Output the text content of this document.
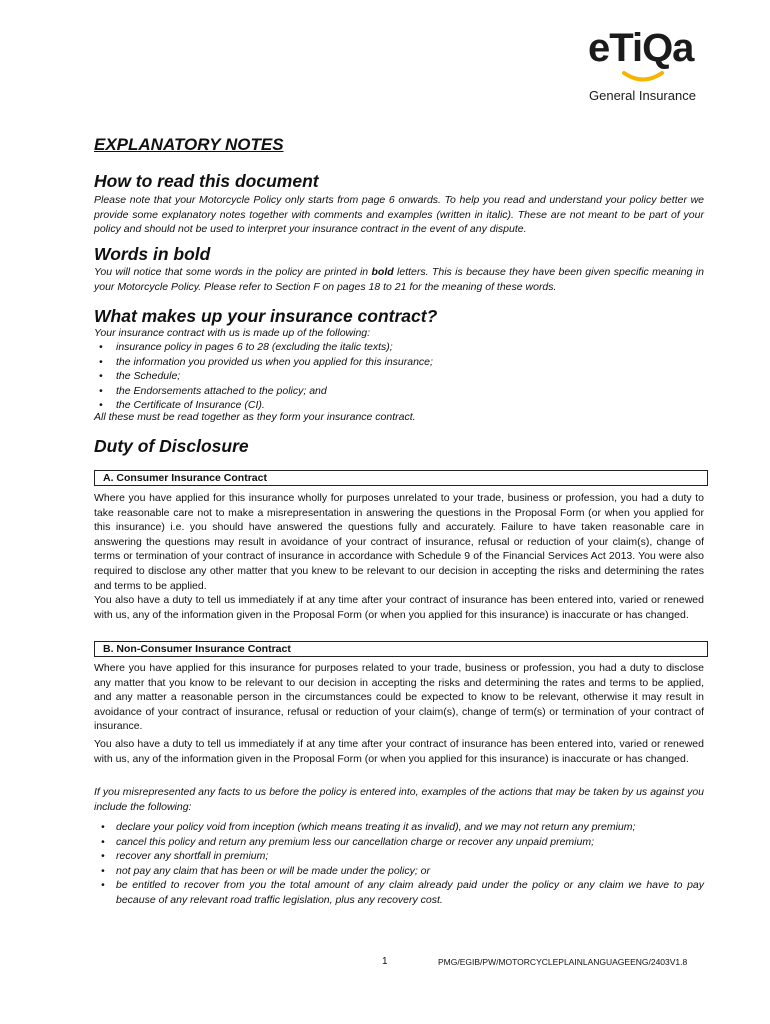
eTiQa
General Insurance
EXPLANATORY NOTES
How to read this document

Please note that your Motorcycle Policy only starts from page 6 onwards. To help you read and understand your policy better we provide some explanatory notes together with comments and examples (written in italic). These are not meant to be part of your policy and should not be used to interpret your insurance contract in the event of any dispute.

Words in bold

You will notice that some words in the policy are printed in bold letters. This is because they have been given specific meaning in your Motorcycle Policy. Please refer to Section F on pages 18 to 21 for the meaning of these words.

What makes up your insurance contract?

Your insurance contract with us is made up of the following:

• insurance policy in pages 6 to 28 (excluding the italic texts);
• the information you provided us when you applied for this insurance;
• the Schedule;
• the Endorsements attached to the policy; and
• the Certificate of Insurance (CI).

All these must be read together as they form your insurance contract.

Duty of Disclosure
A. Consumer Insurance Contract

Where you have applied for this insurance wholly for purposes unrelated to your trade, business or profession, you had a duty to take reasonable care not to make a misrepresentation in answering the questions in the Proposal Form (or when you applied for this insurance) i.e. you should have answered the questions fully and accurately. Failure to have taken reasonable care in answering the questions may result in avoidance of your contract of insurance, refusal or reduction of your claim(s), change of terms or termination of your contract of insurance in accordance with Schedule 9 of the Financial Services Act 2013. You were also required to disclose any other matter that you knew to be relevant to our decision in accepting the risks and determining the rates and terms to be applied.

You also have a duty to tell us immediately if at any time after your contract of insurance has been entered into, varied or renewed with us, any of the information given in the Proposal Form (or when you applied for this insurance) is inaccurate or has changed.

B. Non-Consumer Insurance Contract

Where you have applied for this insurance for purposes related to your trade, business or profession, you had a duty to disclose any matter that you know to be relevant to our decision in accepting the risks and determining the rates and terms to be applied, and any matter a reasonable person in the circumstances could be expected to know to be relevant, otherwise it may result in avoidance of your contract of insurance, refusal or reduction of your claim(s), change of term(s) or termination of your contract of insurance.

You also have a duty to tell us immediately if at any time after your contract of insurance has been entered into, varied or renewed with us, any of the information given in the Proposal Form (or when you applied for this insurance) is inaccurate or has changed.

If you misrepresented any facts to us before the policy is entered into, examples of the actions that may be taken by us against you include the following:

• declare your policy void from inception (which means treating it as invalid), and we may not return any premium;
• cancel this policy and return any premium less our cancellation charge or recover any unpaid premium;
• recover any shortfall in premium;
• not pay any claim that has been or will be made under the policy; or
• be entitled to recover from you the total amount of any claim already paid under the policy or any claim we have to pay because of any relevant road traffic legislation, plus any recovery cost.
1	PMG/EGIB/PW/MOTORCYCLEPLAINLANGUAGEENG/2403V1.8
